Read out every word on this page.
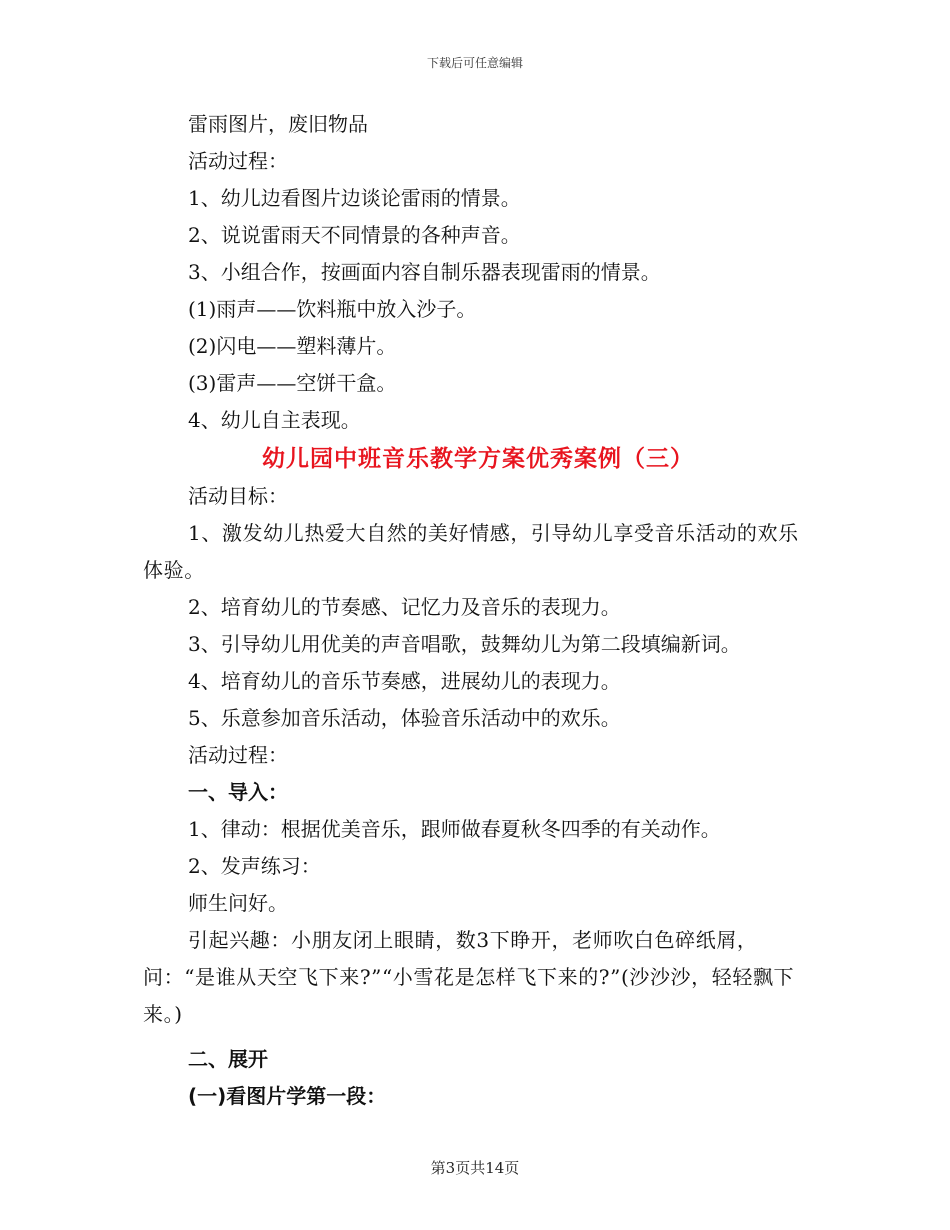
下载后可任意编辑

雷雨图片，废旧物品

活动过程：

1、幼儿边看图片边谈论雷雨的情景。

2、说说雷雨天不同情景的各种声音。

3、小组合作，按画面内容自制乐器表现雷雨的情景。

(1)雨声——饮料瓶中放入沙子。

(2)闪电——塑料薄片。

(3)雷声——空饼干盒。

4、幼儿自主表现。

幼儿园中班音乐教学方案优秀案例（三）

活动目标：

1、激发幼儿热爱大自然的美好情感，引导幼儿享受音乐活动的欢乐体验。

2、培育幼儿的节奏感、记忆力及音乐的表现力。

3、引导幼儿用优美的声音唱歌，鼓舞幼儿为第二段填编新词。

4、培育幼儿的音乐节奏感，进展幼儿的表现力。

5、乐意参加音乐活动，体验音乐活动中的欢乐。

活动过程：

一、导入：

1、律动：根据优美音乐，跟师做春夏秋冬四季的有关动作。

2、发声练习：

师生问好。

引起兴趣：小朋友闭上眼睛，数3下睁开，老师吹白色碎纸屑，问：“是谁从天空飞下来?”“小雪花是怎样飞下来的?”(沙沙沙，轻轻飘下来。)

二、展开

(一)看图片学第一段：

第3页共14页
